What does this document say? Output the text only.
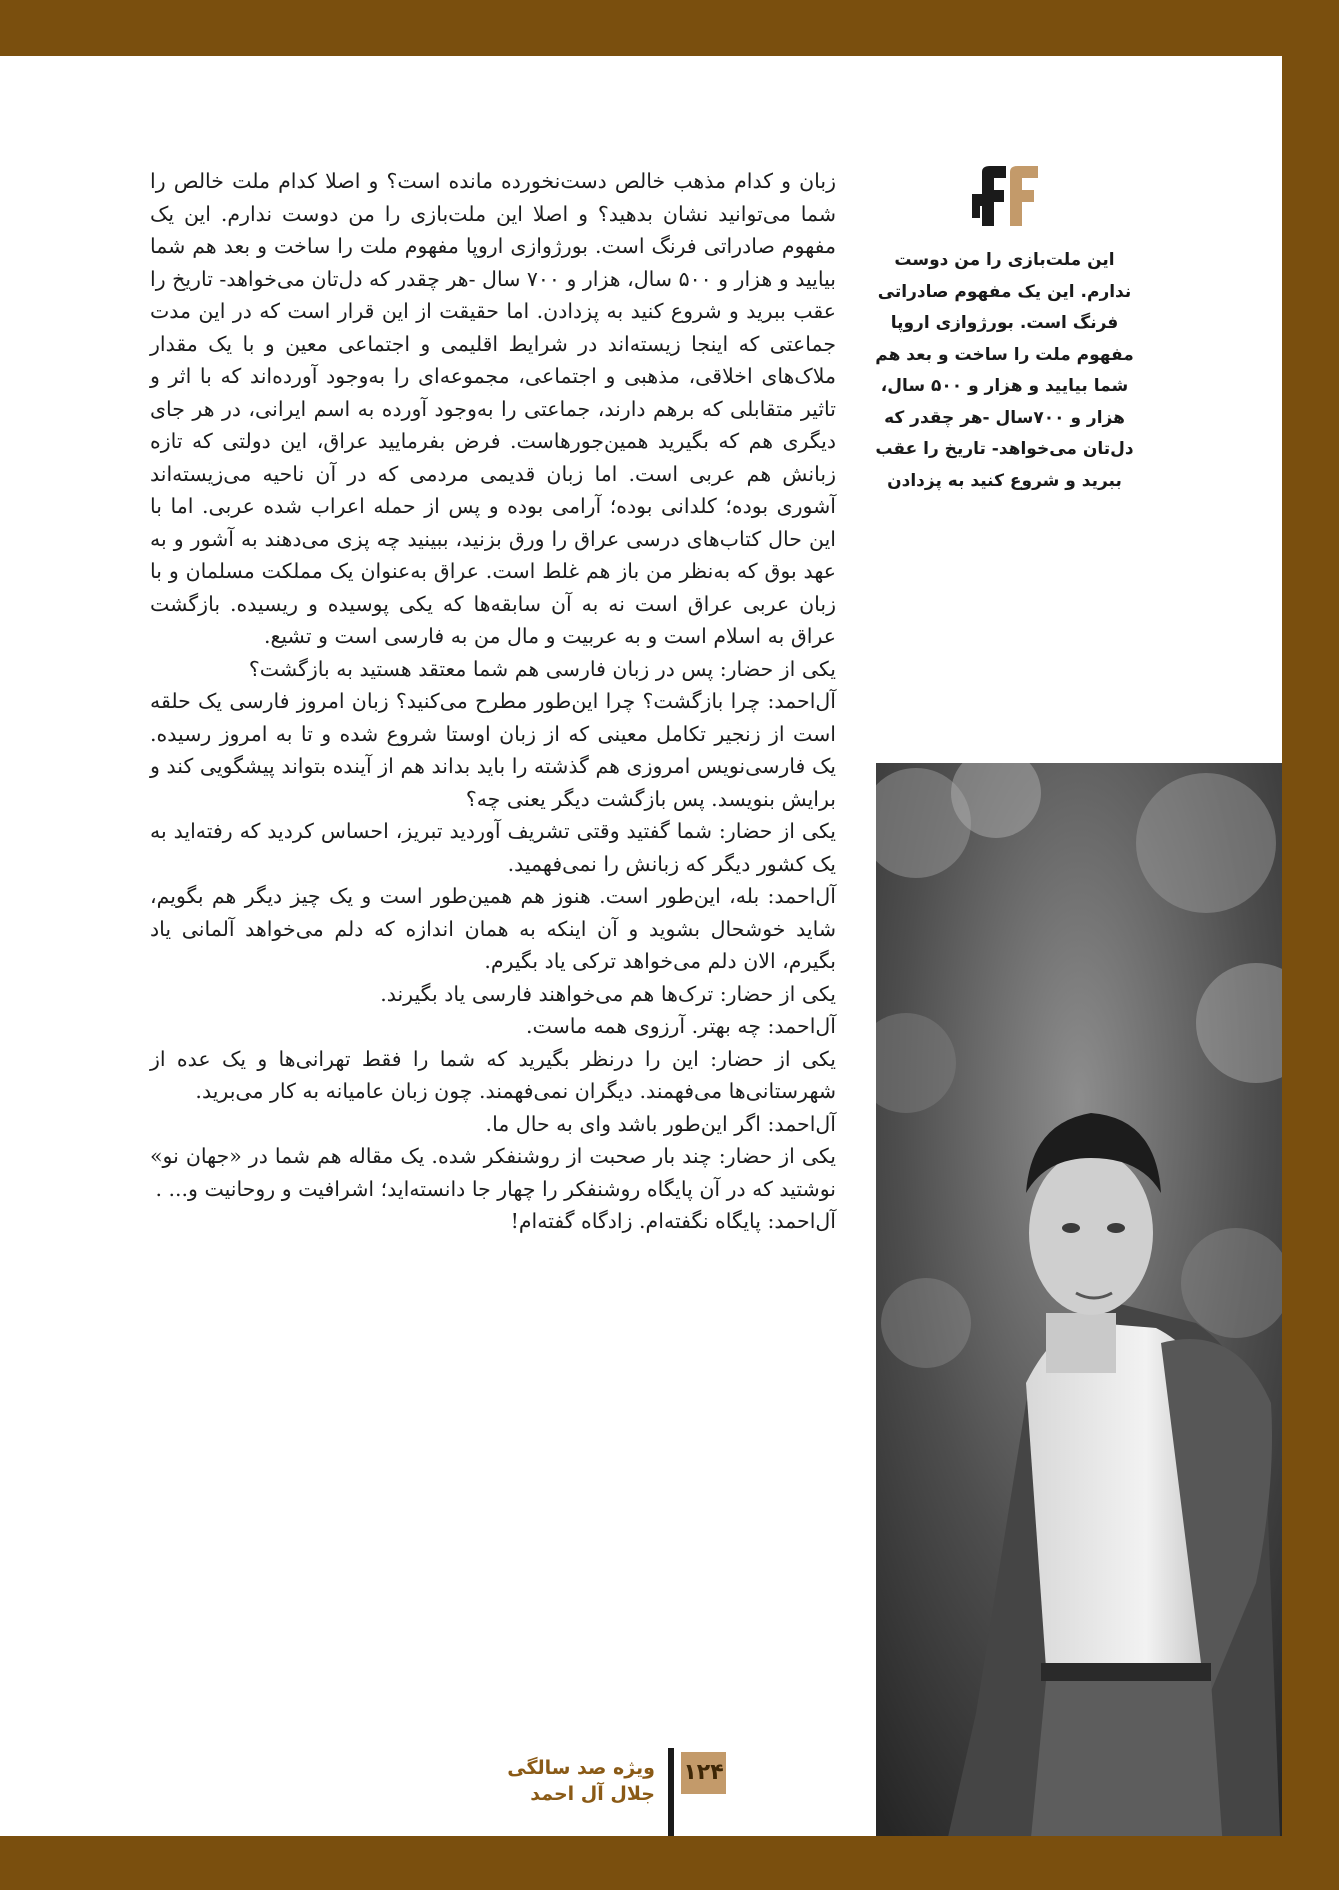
این ملت‌بازی را من دوست
ندارم. این یک مفهوم صادراتی
فرنگ است. بورژوازی اروپا
مفهوم ملت را ساخت و بعد هم
شما بیایید و هزار و ۵۰۰ سال،
هزار و ۷۰۰سال -هر چقدر که
دل‌تان می‌خواهد- تاریخ را عقب
ببرید و شروع کنید به پزدادن

زبان و کدام مذهب خالص دست‌نخورده مانده است؟ و اصلا کدام ملت خالص را شما می‌توانید نشان بدهید؟ و اصلا این ملت‌بازی را من دوست ندارم. این یک مفهوم صادراتی فرنگ است. بورژوازی اروپا مفهوم ملت را ساخت و بعد هم شما بیایید و هزار و ۵۰۰ سال، هزار و ۷۰۰ سال -هر چقدر که دل‌تان می‌خواهد- تاریخ را عقب ببرید و شروع کنید به پزدادن. اما حقیقت از این قرار است که در این مدت جماعتی که اینجا زیسته‌اند در شرایط اقلیمی و اجتماعی معین و با یک مقدار ملاک‌های اخلاقی، مذهبی و اجتماعی، مجموعه‌ای را به‌وجود آورده‌اند که با اثر و تاثیر متقابلی که برهم دارند، جماعتی را به‌وجود آورده به اسم ایرانی، در هر جای دیگری هم که بگیرید همین‌جورهاست. فرض بفرمایید عراق، این دولتی که تازه زبانش هم عربی است. اما زبان قدیمی مردمی که در آن ناحیه می‌زیسته‌اند آشوری بوده؛ کلدانی بوده؛ آرامی بوده و پس از حمله اعراب شده عربی. اما با این حال کتاب‌های درسی عراق را ورق بزنید، ببینید چه پزی می‌دهند به آشور و به عهد بوق که به‌نظر من باز هم غلط است. عراق به‌عنوان یک مملکت مسلمان و با زبان عربی عراق است نه به آن سابقه‌ها که یکی پوسیده و ریسیده. بازگشت عراق به اسلام است و به عربیت و مال من به فارسی است و تشیع.

یکی از حضار: پس در زبان فارسی هم شما معتقد هستید به بازگشت؟

آل‌احمد: چرا بازگشت؟ چرا این‌طور مطرح می‌کنید؟ زبان امروز فارسی یک حلقه است از زنجیر تکامل معینی که از زبان اوستا شروع شده و تا به امروز رسیده. یک فارسی‌نویس امروزی هم گذشته را باید بداند هم از آینده بتواند پیشگویی کند و برایش بنویسد. پس بازگشت دیگر یعنی چه؟

یکی از حضار: شما گفتید وقتی تشریف آوردید تبریز، احساس کردید که رفته‌اید به یک کشور دیگر که زبانش را نمی‌فهمید.

آل‌احمد: بله، این‌طور است. هنوز هم همین‌طور است و یک چیز دیگر هم بگویم، شاید خوشحال بشوید و آن اینکه به همان اندازه که دلم می‌خواهد آلمانی یاد بگیرم، الان دلم می‌خواهد ترکی یاد بگیرم.

یکی از حضار: ترک‌ها هم می‌خواهند فارسی یاد بگیرند.

آل‌احمد: چه بهتر. آرزوی همه ماست.

یکی از حضار: این را درنظر بگیرید که شما را فقط تهرانی‌ها و یک عده از شهرستانی‌ها می‌فهمند. دیگران نمی‌فهمند. چون زبان عامیانه به کار می‌برید.

آل‌احمد: اگر این‌طور باشد وای به حال ما.

یکی از حضار: چند بار صحبت از روشنفکر شده. یک مقاله هم شما در «جهان نو» نوشتید که در آن پایگاه روشنفکر را چهار جا دانسته‌اید؛ اشرافیت و روحانیت و... .

آل‌احمد: پایگاه نگفته‌ام. زادگاه گفته‌ام!

۱۲۴
ویژه صد سالگی
جلال آل احمد
